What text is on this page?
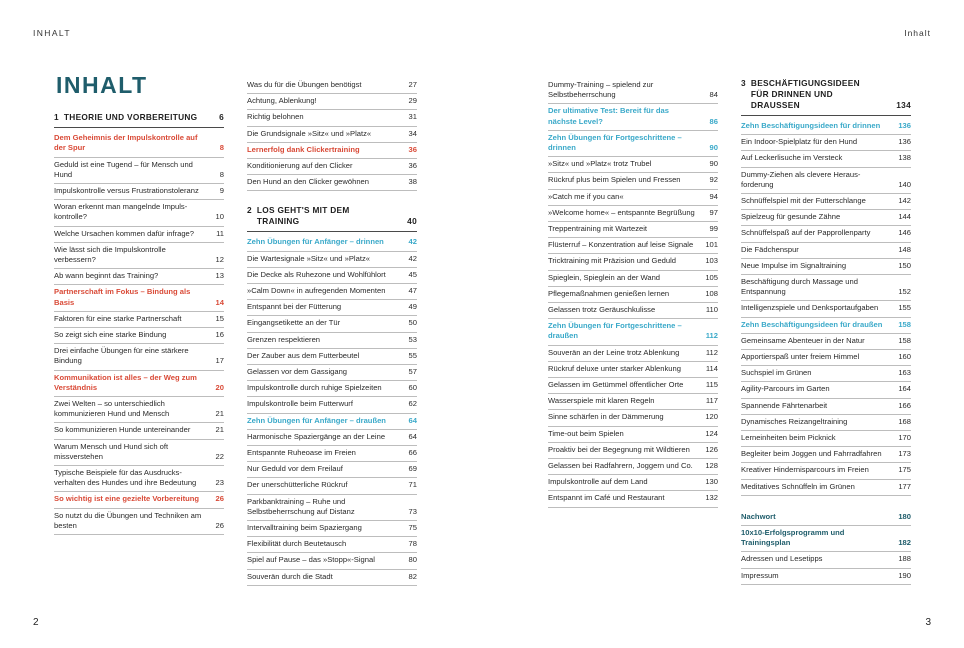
INHALT	Inhalt
INHALT
1 THEORIE UND VORBEREITUNG	6
Dem Geheimnis der Impulskontrolle auf der Spur	8
Geduld ist eine Tugend – für Mensch und Hund	8
Impulskontrolle versus Frustrationstoleranz	9
Woran erkennt man mangelnde Impulskontrolle?	10
Welche Ursachen kommen dafür infrage?	11
Wie lässt sich die Impulskontrolle verbessern?	12
Ab wann beginnt das Training?	13
Partnerschaft im Fokus – Bindung als Basis	14
Faktoren für eine starke Partnerschaft	15
So zeigt sich eine starke Bindung	16
Drei einfache Übungen für eine stärkere Bindung	17
Kommunikation ist alles – der Weg zum Verständnis	20
Zwei Welten – so unterschiedlich kommunizieren Hund und Mensch	21
So kommunizieren Hunde untereinander	21
Warum Mensch und Hund sich oft missverstehen	22
Typische Beispiele für das Ausdrucksverhalten des Hundes und ihre Bedeutung	23
So wichtig ist eine gezielte Vorbereitung	26
So nutzt du die Übungen und Techniken am besten	26
Was du für die Übungen benötigst	27
Achtung, Ablenkung!	29
Richtig belohnen	31
Die Grundsignale »Sitz« und »Platz«	34
Lernerfolg dank Clickertraining	36
Konditionierung auf den Clicker	36
Den Hund an den Clicker gewöhnen	38
2 LOS GEHT'S MIT DEM TRAINING	40
Zehn Übungen für Anfänger – drinnen	42
Die Wartesignale »Sitz« und »Platz«	42
Die Decke als Ruhezone und Wohlfühlort	45
»Calm Down« in aufregenden Momenten	47
Entspannt bei der Fütterung	49
Eingangsetikette an der Tür	50
Grenzen respektieren	53
Der Zauber aus dem Futterbeutel	55
Gelassen vor dem Gassigang	57
Impulskontrolle durch ruhige Spielzeiten	60
Impulskontrolle beim Futterwurf	62
Zehn Übungen für Anfänger – draußen	64
Harmonische Spaziergänge an der Leine	64
Entspannte Ruheoase im Freien	66
Nur Geduld vor dem Freilauf	69
Der unerschütterliche Rückruf	71
Parkbanktraining – Ruhe und Selbstbeherrschung auf Distanz	73
Intervalltraining beim Spaziergang	75
Flexibilität durch Beutetausch	78
Spiel auf Pause – das »Stopp«-Signal	80
Souverän durch die Stadt	82
Dummy-Training – spielend zur Selbstbeherrschung	84
Der ultimative Test: Bereit für das nächste Level?	86
Zehn Übungen für Fortgeschrittene – drinnen	90
»Sitz« und »Platz« trotz Trubel	90
Rückruf plus beim Spielen und Fressen	92
»Catch me if you can«	94
»Welcome home« – entspannte Begrüßung	97
Treppentraining mit Wartezeit	99
Flüsterruf – Konzentration auf leise Signale	101
Tricktraining mit Präzision und Geduld	103
Spieglein, Spieglein an der Wand	105
Pflegemaßnahmen genießen lernen	108
Gelassen trotz Geräuschkulisse	110
Zehn Übungen für Fortgeschrittene – draußen	112
Souverän an der Leine trotz Ablenkung	112
Rückruf deluxe unter starker Ablenkung	114
Gelassen im Getümmel öffentlicher Orte	115
Wasserspiele mit klaren Regeln	117
Sinne schärfen in der Dämmerung	120
Time-out beim Spielen	124
Proaktiv bei der Begegnung mit Wildtieren	126
Gelassen bei Radfahrern, Joggern und Co.	128
Impulskontrolle auf dem Land	130
Entspannt im Café und Restaurant	132
3 BESCHÄFTIGUNGSIDEEN FÜR DRINNEN UND DRAUSSEN	134
Zehn Beschäftigungsideen für drinnen	136
Ein Indoor-Spielplatz für den Hund	136
Auf Leckerlisuche im Versteck	138
Dummy-Ziehen als clevere Herausforderung	140
Schnüffelspiel mit der Futterschlange	142
Spielzeug für gesunde Zähne	144
Schnüffelspaß auf der Papprollenparty	146
Die Fädchenspur	148
Neue Impulse im Signaltraining	150
Beschäftigung durch Massage und Entspannung	152
Intelligenzspiele und Denksportaufgaben	155
Zehn Beschäftigungsideen für draußen	158
Gemeinsame Abenteuer in der Natur	158
Apportierspaß unter freiem Himmel	160
Suchspiel im Grünen	163
Agility-Parcours im Garten	164
Spannende Fährtenarbeit	166
Dynamisches Reizangeltraining	168
Lerneinheiten beim Picknick	170
Begleiter beim Joggen und Fahrradfahren	173
Kreativer Hindernisparcours im Freien	175
Meditatives Schnüffeln im Grünen	177
Nachwort	180
10x10-Erfolgsprogramm und Trainingsplan	182
Adressen und Lesetipps	188
Impressum	190
2	3
